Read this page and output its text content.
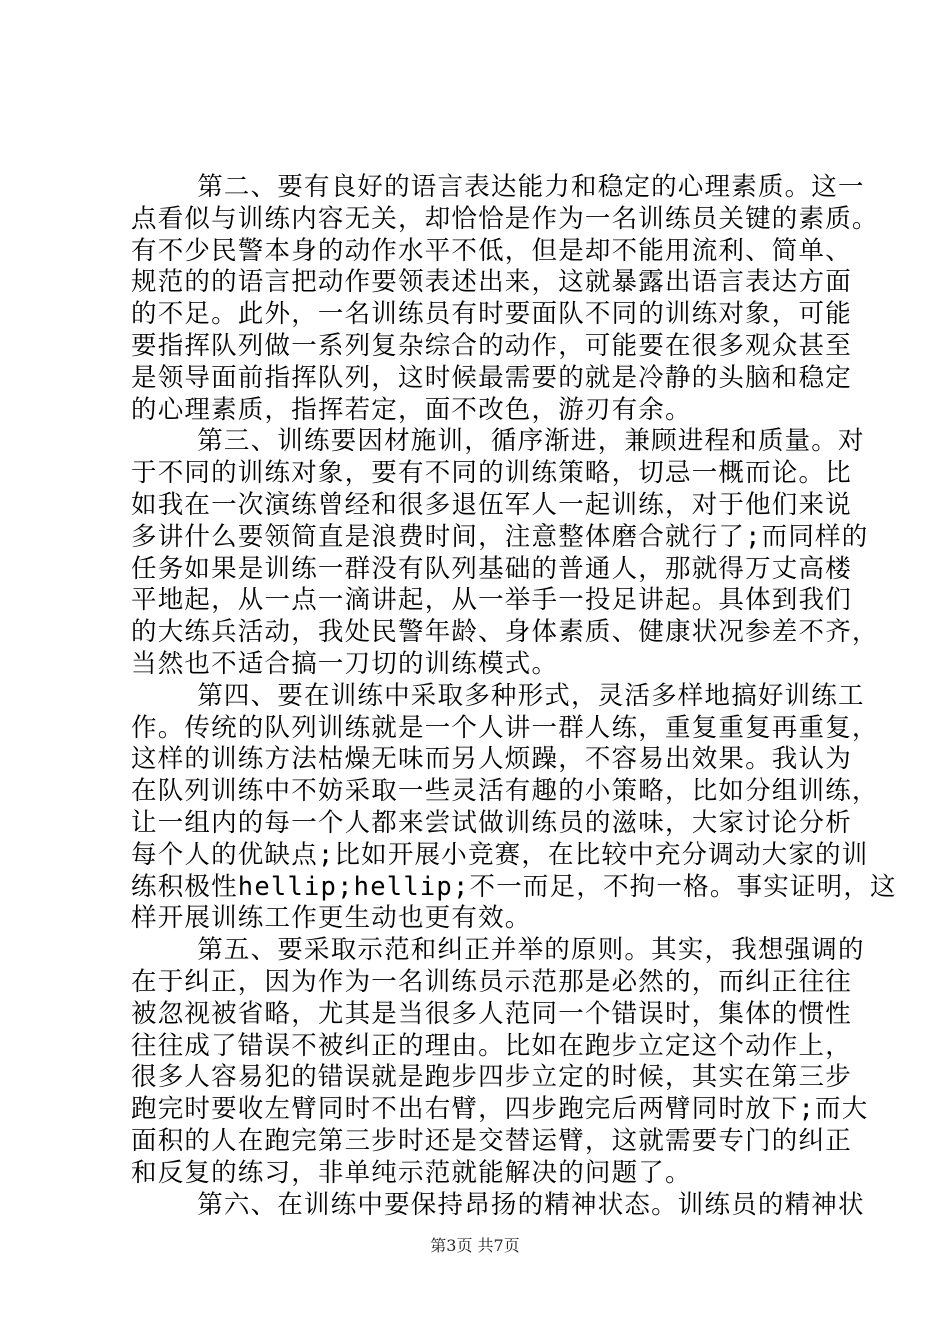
第二、要有良好的语言表达能力和稳定的心理素质。这一
点看似与训练内容无关，却恰恰是作为一名训练员关键的素质。
有不少民警本身的动作水平不低，但是却不能用流利、简单、
规范的的语言把动作要领表述出来，这就暴露出语言表达方面
的不足。此外，一名训练员有时要面队不同的训练对象，可能
要指挥队列做一系列复杂综合的动作，可能要在很多观众甚至
是领导面前指挥队列，这时候最需要的就是冷静的头脑和稳定
的心理素质，指挥若定，面不改色，游刃有余。
第三、训练要因材施训，循序渐进，兼顾进程和质量。对
于不同的训练对象，要有不同的训练策略，切忌一概而论。比
如我在一次演练曾经和很多退伍军人一起训练，对于他们来说
多讲什么要领简直是浪费时间，注意整体磨合就行了;而同样的
任务如果是训练一群没有队列基础的普通人，那就得万丈高楼
平地起，从一点一滴讲起，从一举手一投足讲起。具体到我们
的大练兵活动，我处民警年龄、身体素质、健康状况参差不齐，
当然也不适合搞一刀切的训练模式。
第四、要在训练中采取多种形式，灵活多样地搞好训练工
作。传统的队列训练就是一个人讲一群人练，重复重复再重复，
这样的训练方法枯燥无味而另人烦躁，不容易出效果。我认为
在队列训练中不妨采取一些灵活有趣的小策略，比如分组训练，
让一组内的每一个人都来尝试做训练员的滋味，大家讨论分析
每个人的优缺点;比如开展小竞赛，在比较中充分调动大家的训
练积极性hellip;hellip;不一而足，不拘一格。事实证明，这
样开展训练工作更生动也更有效。
第五、要采取示范和纠正并举的原则。其实，我想强调的
在于纠正，因为作为一名训练员示范那是必然的，而纠正往往
被忽视被省略，尤其是当很多人范同一个错误时，集体的惯性
往往成了错误不被纠正的理由。比如在跑步立定这个动作上，
很多人容易犯的错误就是跑步四步立定的时候，其实在第三步
跑完时要收左臂同时不出右臂，四步跑完后两臂同时放下;而大
面积的人在跑完第三步时还是交替运臂，这就需要专门的纠正
和反复的练习，非单纯示范就能解决的问题了。
第六、在训练中要保持昂扬的精神状态。训练员的精神状
第3页 共7页
